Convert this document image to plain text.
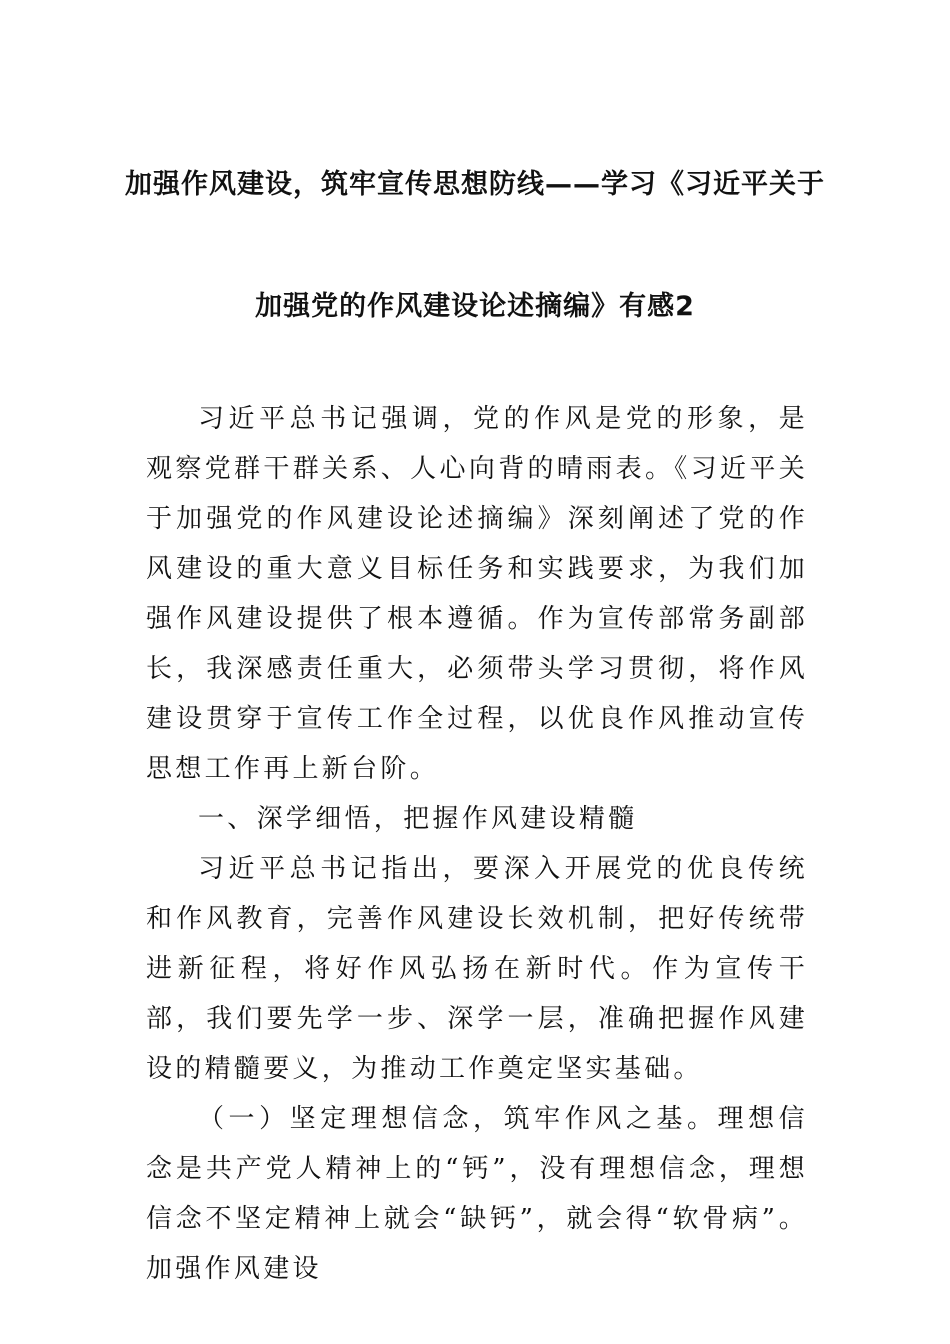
加强作风建设，筑牢宣传思想防线——学习《习近平关于
加强党的作风建设论述摘编》有感2

习近平总书记强调，党的作风是党的形象，是观察党群干群关系、人心向背的晴雨表。《习近平关于加强党的作风建设论述摘编》深刻阐述了党的作风建设的重大意义目标任务和实践要求，为我们加强作风建设提供了根本遵循。作为宣传部常务副部长，我深感责任重大，必须带头学习贯彻，将作风建设贯穿于宣传工作全过程，以优良作风推动宣传思想工作再上新台阶。

一、深学细悟，把握作风建设精髓

习近平总书记指出，要深入开展党的优良传统和作风教育，完善作风建设长效机制，把好传统带进新征程，将好作风弘扬在新时代。作为宣传干部，我们要先学一步、深学一层，准确把握作风建设的精髓要义，为推动工作奠定坚实基础。

（一）坚定理想信念，筑牢作风之基。理想信念是共产党人精神上的“钙”，没有理想信念，理想信念不坚定精神上就会“缺钙”，就会得“软骨病”。加强作风建设
